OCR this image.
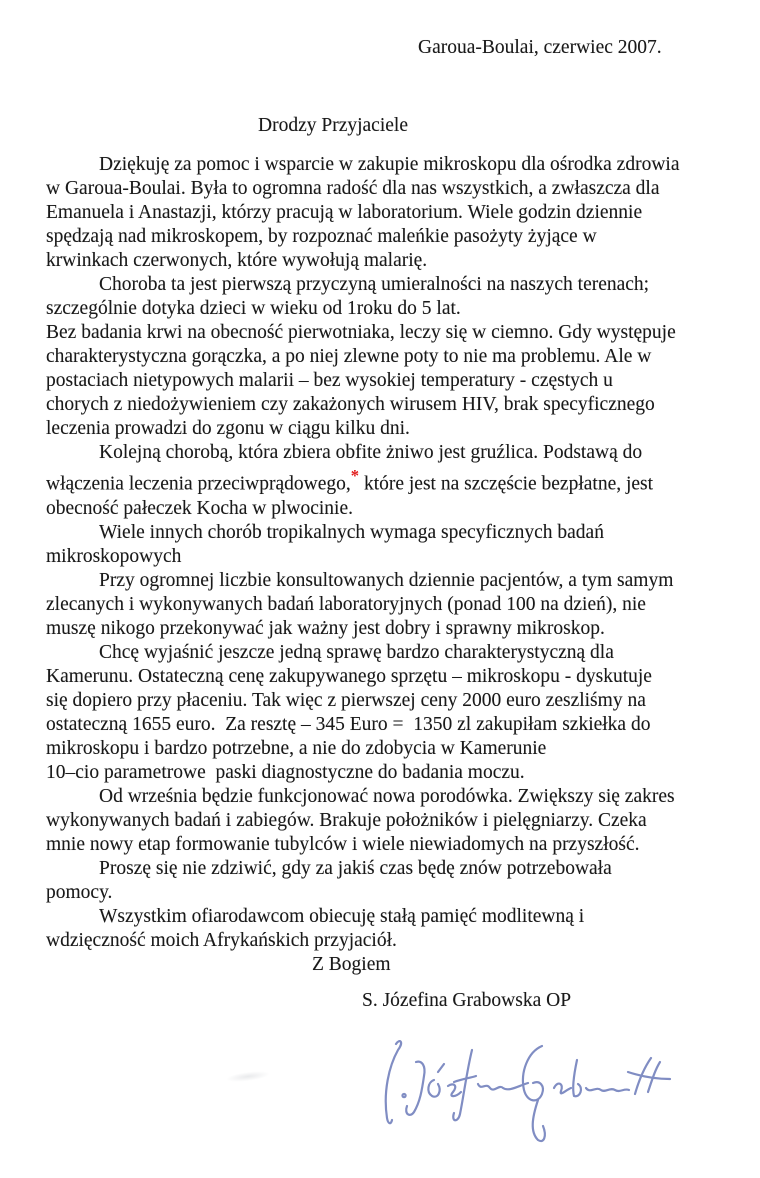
Garoua-Boulai, czerwiec 2007.
Drodzy Przyjaciele
Dziękuję za pomoc i wsparcie w zakupie mikroskopu dla ośrodka zdrowia
w Garoua-Boulai. Była to ogromna radość dla nas wszystkich, a zwłaszcza dla
Emanuela i Anastazji, którzy pracują w laboratorium. Wiele godzin dziennie
spędzają nad mikroskopem, by rozpoznać maleńkie pasożyty żyjące w
krwinkach czerwonych, które wywołują malarię.
Choroba ta jest pierwszą przyczyną umieralności na naszych terenach;
szczególnie dotyka dzieci w wieku od 1roku do 5 lat.
Bez badania krwi na obecność pierwotniaka, leczy się w ciemno. Gdy występuje
charakterystyczna gorączka, a po niej zlewne poty to nie ma problemu. Ale w
postaciach nietypowych malarii – bez wysokiej temperatury - częstych u
chorych z niedożywieniem czy zakażonych wirusem HIV, brak specyficznego
leczenia prowadzi do zgonu w ciągu kilku dni.
Kolejną chorobą, która zbiera obfite żniwo jest gruźlica. Podstawą do
włączenia leczenia przeciwprądowego,* które jest na szczęście bezpłatne, jest
obecność pałeczek Kocha w plwocinie.
Wiele innych chorób tropikalnych wymaga specyficznych badań
mikroskopowych
Przy ogromnej liczbie konsultowanych dziennie pacjentów, a tym samym
zlecanych i wykonywanych badań laboratoryjnych (ponad 100 na dzień), nie
muszę nikogo przekonywać jak ważny jest dobry i sprawny mikroskop.
Chcę wyjaśnić jeszcze jedną sprawę bardzo charakterystyczną dla
Kamerunu. Ostateczną cenę zakupywanego sprzętu – mikroskopu - dyskutuje
się dopiero przy płaceniu. Tak więc z pierwszej ceny 2000 euro zeszliśmy na
ostateczną 1655 euro.  Za resztę – 345 Euro =  1350 zl zakupiłam szkiełka do
mikroskopu i bardzo potrzebne, a nie do zdobycia w Kamerunie
10–cio parametrowe  paski diagnostyczne do badania moczu.
Od września będzie funkcjonować nowa porodówka. Zwiększy się zakres
wykonywanych badań i zabiegów. Brakuje położników i pielęgniarzy. Czeka
mnie nowy etap formowanie tubylców i wiele niewiadomych na przyszłość.
Proszę się nie zdziwić, gdy za jakiś czas będę znów potrzebowała
pomocy.
Wszystkim ofiarodawcom obiecuję stałą pamięć modlitewną i
wdzięczność moich Afrykańskich przyjaciół.
Z Bogiem
S. Józefina Grabowska OP
